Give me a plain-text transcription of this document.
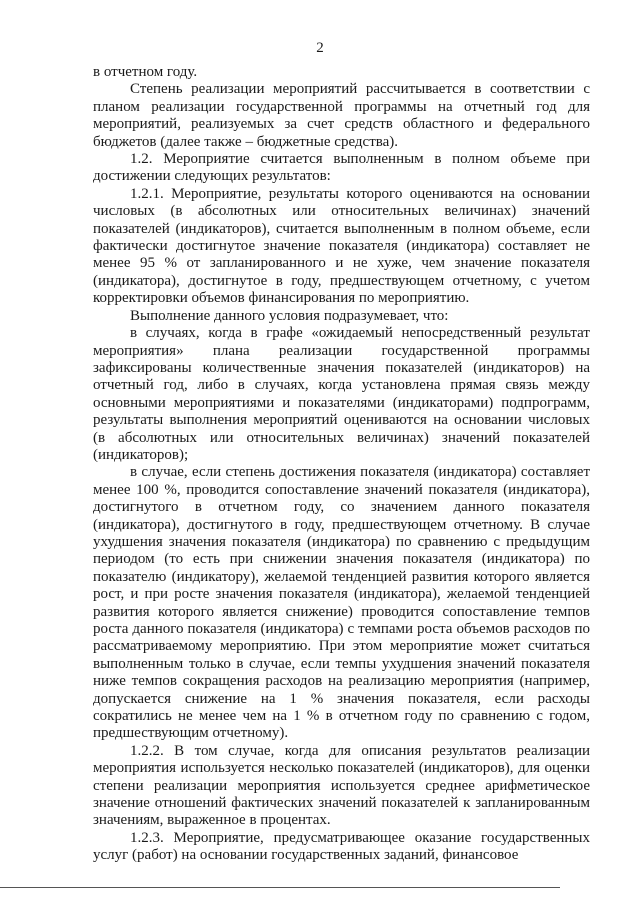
2

в отчетном году.

Степень реализации мероприятий рассчитывается в соответствии с планом реализации государственной программы на отчетный год для мероприятий, реализуемых за счет средств областного и федерального бюджетов (далее также – бюджетные средства).

1.2. Мероприятие считается выполненным в полном объеме при достижении следующих результатов:

1.2.1. Мероприятие, результаты которого оцениваются на основании числовых (в абсолютных или относительных величинах) значений показателей (индикаторов), считается выполненным в полном объеме, если фактически достигнутое значение показателя (индикатора) составляет не менее 95 % от запланированного и не хуже, чем значение показателя (индикатора), достигнутое в году, предшествующем отчетному, с учетом корректировки объемов финансирования по мероприятию.

Выполнение данного условия подразумевает, что:

в случаях, когда в графе «ожидаемый непосредственный результат мероприятия» плана реализации государственной программы зафиксированы количественные значения показателей (индикаторов) на отчетный год, либо в случаях, когда установлена прямая связь между основными мероприятиями и показателями (индикаторами) подпрограмм, результаты выполнения мероприятий оцениваются на основании числовых (в абсолютных или относительных величинах) значений показателей (индикаторов);

в случае, если степень достижения показателя (индикатора) составляет менее 100 %, проводится сопоставление значений показателя (индикатора), достигнутого в отчетном году, со значением данного показателя (индикатора), достигнутого в году, предшествующем отчетному. В случае ухудшения значения показателя (индикатора) по сравнению с предыдущим периодом (то есть при снижении значения показателя (индикатора) по показателю (индикатору), желаемой тенденцией развития которого является рост, и при росте значения показателя (индикатора), желаемой тенденцией развития которого является снижение) проводится сопоставление темпов роста данного показателя (индикатора) с темпами роста объемов расходов по рассматриваемому мероприятию. При этом мероприятие может считаться выполненным только в случае, если темпы ухудшения значений показателя ниже темпов сокращения расходов на реализацию мероприятия (например, допускается снижение на 1 % значения показателя, если расходы сократились не менее чем на 1 % в отчетном году по сравнению с годом, предшествующим отчетному).

1.2.2. В том случае, когда для описания результатов реализации мероприятия используется несколько показателей (индикаторов), для оценки степени реализации мероприятия используется среднее арифметическое значение отношений фактических значений показателей к запланированным значениям, выраженное в процентах.

1.2.3. Мероприятие, предусматривающее оказание государственных услуг (работ) на основании государственных заданий, финансовое
